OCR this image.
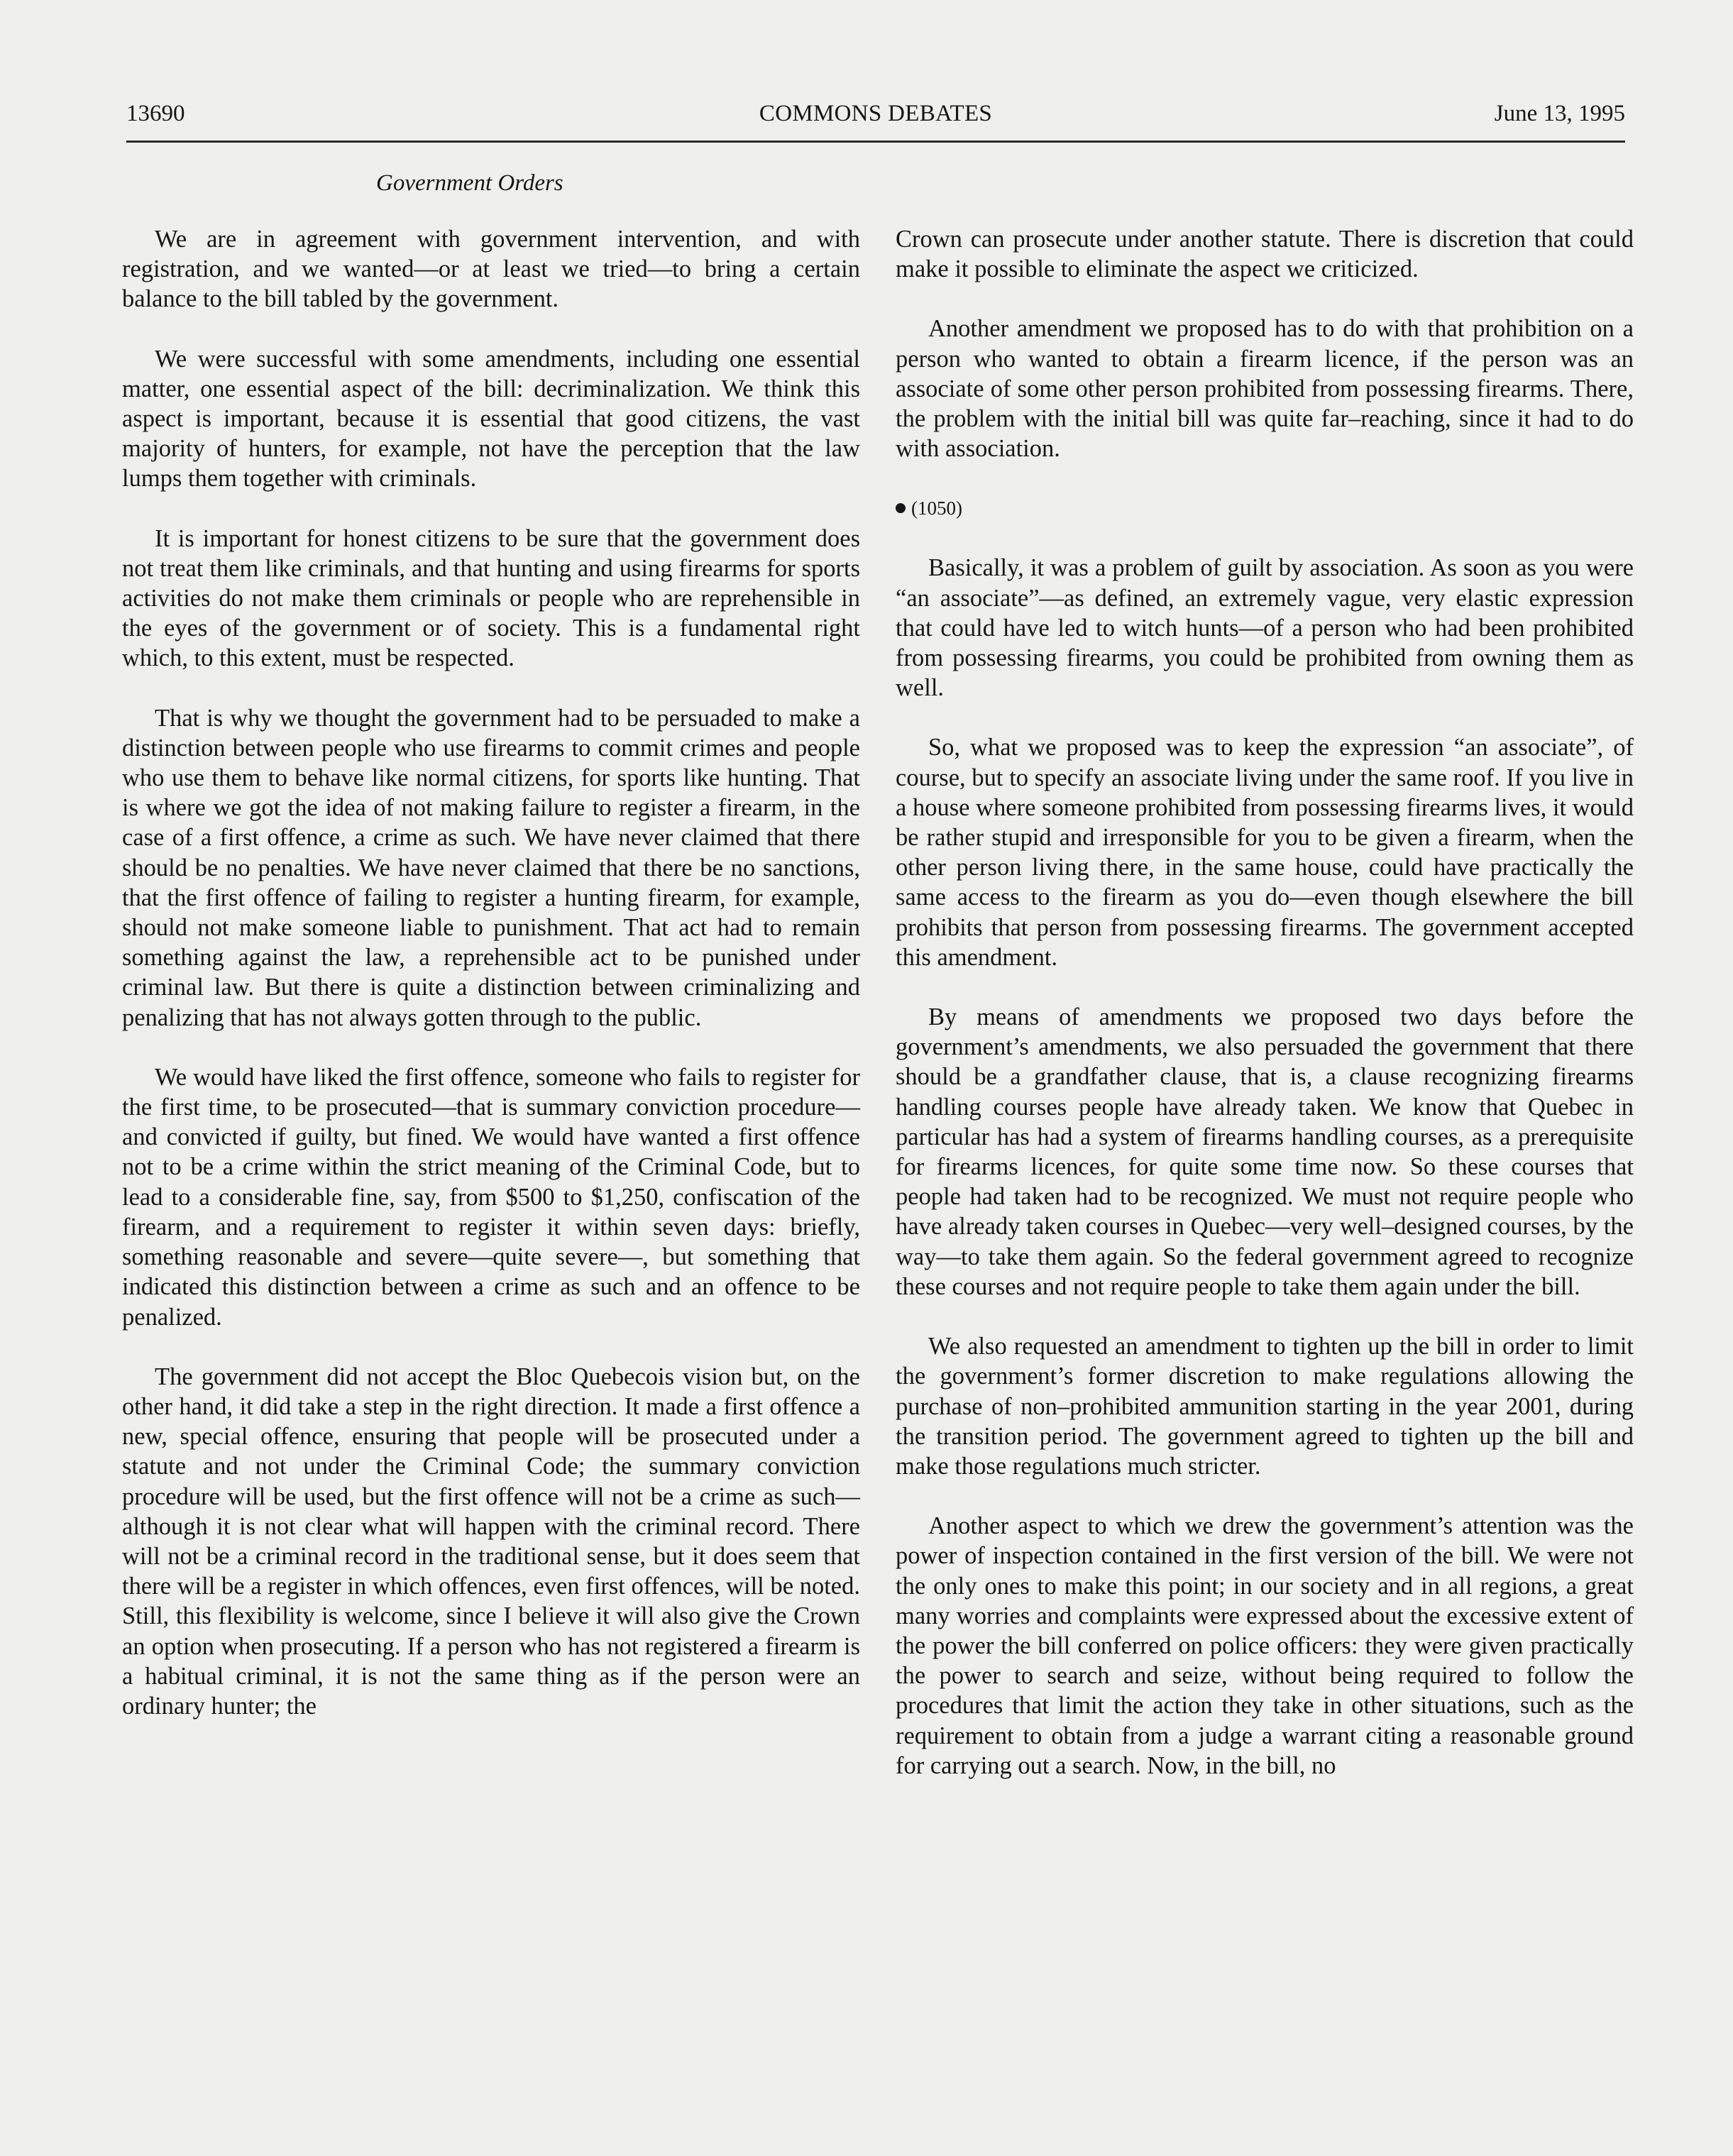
13690	COMMONS DEBATES	June 13, 1995
Government Orders

We are in agreement with government intervention, and with registration, and we wanted—or at least we tried—to bring a certain balance to the bill tabled by the government.

We were successful with some amendments, including one essential matter, one essential aspect of the bill: decriminalization. We think this aspect is important, because it is essential that good citizens, the vast majority of hunters, for example, not have the perception that the law lumps them together with criminals.

It is important for honest citizens to be sure that the government does not treat them like criminals, and that hunting and using firearms for sports activities do not make them criminals or people who are reprehensible in the eyes of the government or of society. This is a fundamental right which, to this extent, must be respected.

That is why we thought the government had to be persuaded to make a distinction between people who use firearms to commit crimes and people who use them to behave like normal citizens, for sports like hunting. That is where we got the idea of not making failure to register a firearm, in the case of a first offence, a crime as such. We have never claimed that there should be no penalties. We have never claimed that there be no sanctions, that the first offence of failing to register a hunting firearm, for example, should not make someone liable to punishment. That act had to remain something against the law, a reprehensible act to be punished under criminal law. But there is quite a distinction between criminalizing and penalizing that has not always gotten through to the public.

We would have liked the first offence, someone who fails to register for the first time, to be prosecuted—that is summary conviction procedure—and convicted if guilty, but fined. We would have wanted a first offence not to be a crime within the strict meaning of the Criminal Code, but to lead to a considerable fine, say, from $500 to $1,250, confiscation of the firearm, and a requirement to register it within seven days: briefly, something reasonable and severe—quite severe—, but something that indicated this distinction between a crime as such and an offence to be penalized.

The government did not accept the Bloc Quebecois vision but, on the other hand, it did take a step in the right direction. It made a first offence a new, special offence, ensuring that people will be prosecuted under a statute and not under the Criminal Code; the summary conviction procedure will be used, but the first offence will not be a crime as such—although it is not clear what will happen with the criminal record. There will not be a criminal record in the traditional sense, but it does seem that there will be a register in which offences, even first offences, will be noted. Still, this flexibility is welcome, since I believe it will also give the Crown an option when prosecuting. If a person who has not registered a firearm is a habitual criminal, it is not the same thing as if the person were an ordinary hunter; the

Crown can prosecute under another statute. There is discretion that could make it possible to eliminate the aspect we criticized.

Another amendment we proposed has to do with that prohibition on a person who wanted to obtain a firearm licence, if the person was an associate of some other person prohibited from possessing firearms. There, the problem with the initial bill was quite far–reaching, since it had to do with association.

(1050)

Basically, it was a problem of guilt by association. As soon as you were “an associate”—as defined, an extremely vague, very elastic expression that could have led to witch hunts—of a person who had been prohibited from possessing firearms, you could be prohibited from owning them as well.

So, what we proposed was to keep the expression “an associate”, of course, but to specify an associate living under the same roof. If you live in a house where someone prohibited from possessing firearms lives, it would be rather stupid and irresponsible for you to be given a firearm, when the other person living there, in the same house, could have practically the same access to the firearm as you do—even though elsewhere the bill prohibits that person from possessing firearms. The government accepted this amendment.

By means of amendments we proposed two days before the government’s amendments, we also persuaded the government that there should be a grandfather clause, that is, a clause recognizing firearms handling courses people have already taken. We know that Quebec in particular has had a system of firearms handling courses, as a prerequisite for firearms licences, for quite some time now. So these courses that people had taken had to be recognized. We must not require people who have already taken courses in Quebec—very well–designed courses, by the way—to take them again. So the federal government agreed to recognize these courses and not require people to take them again under the bill.

We also requested an amendment to tighten up the bill in order to limit the government’s former discretion to make regulations allowing the purchase of non–prohibited ammunition starting in the year 2001, during the transition period. The government agreed to tighten up the bill and make those regulations much stricter.

Another aspect to which we drew the government’s attention was the power of inspection contained in the first version of the bill. We were not the only ones to make this point; in our society and in all regions, a great many worries and complaints were expressed about the excessive extent of the power the bill conferred on police officers: they were given practically the power to search and seize, without being required to follow the procedures that limit the action they take in other situations, such as the requirement to obtain from a judge a warrant citing a reasonable ground for carrying out a search. Now, in the bill, no
